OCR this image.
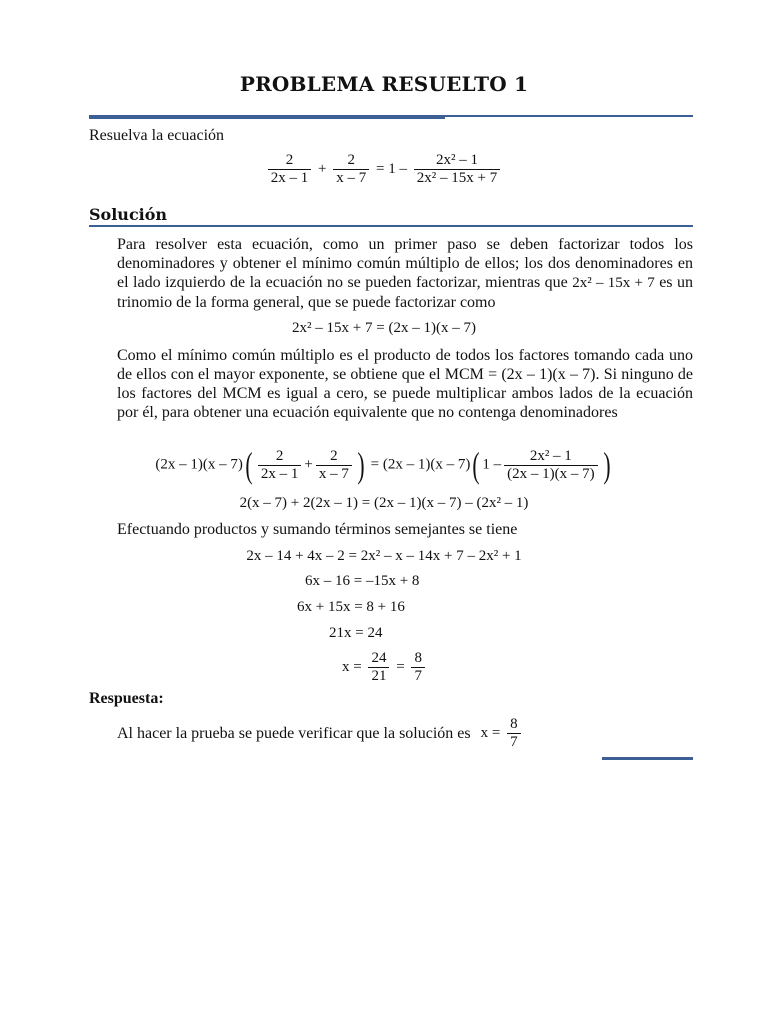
PROBLEMA RESUELTO 1
Resuelva la ecuación
$\frac{2}{2x - 1} + \frac{2}{x - 7} = 1 - \frac{\text{2x² – 1}}{\text{2x² – 15x + 7}}$
Solución
Para resolver esta ecuación, como un primer paso se deben factorizar todos los denominadores y obtener el mínimo común múltiplo de ellos; los dos denominadores en el lado izquierdo de la ecuación no se pueden factorizar, mientras que 2x² – 15x + 7 es un trinomio de la forma general, que se puede factorizar como
2x² – 15x + 7 = (2x – 1)(x – 7)
Como el mínimo común múltiplo es el producto de todos los factores tomando cada uno de ellos con el mayor exponente, se obtiene que el MCM = (2x – 1)(x – 7). Si ninguno de los factores del MCM es igual a cero, se puede multiplicar ambos lados de la ecuación por él, para obtener una ecuación equivalente que no contenga denominadores
$(2x - 1)(x - 7)( \frac{2}{2x - 1} + \frac{2}{x - 7}$ ) = (2x – 1)(x – 7)( $1 - \frac{\text{2x² – 1}}{(2x - 1)(x - 7)}$ )
2(x – 7) + 2(2x – 1) = (2x – 1)(x – 7) – (2x² – 1)
Efectuando productos y sumando términos semejantes se tiene
2x – 14 + 4x – 2 = 2x² – x – 14x + 7 – 2x² + 1
6x – 16 = –15x + 8
6x + 15x = 8 + 16
21x = 24
$x = \frac{24}{21} = \frac{8}{7}$
Respuesta:
Al hacer la prueba se puede verificar que la solución es $x = \frac{8}{7}$
